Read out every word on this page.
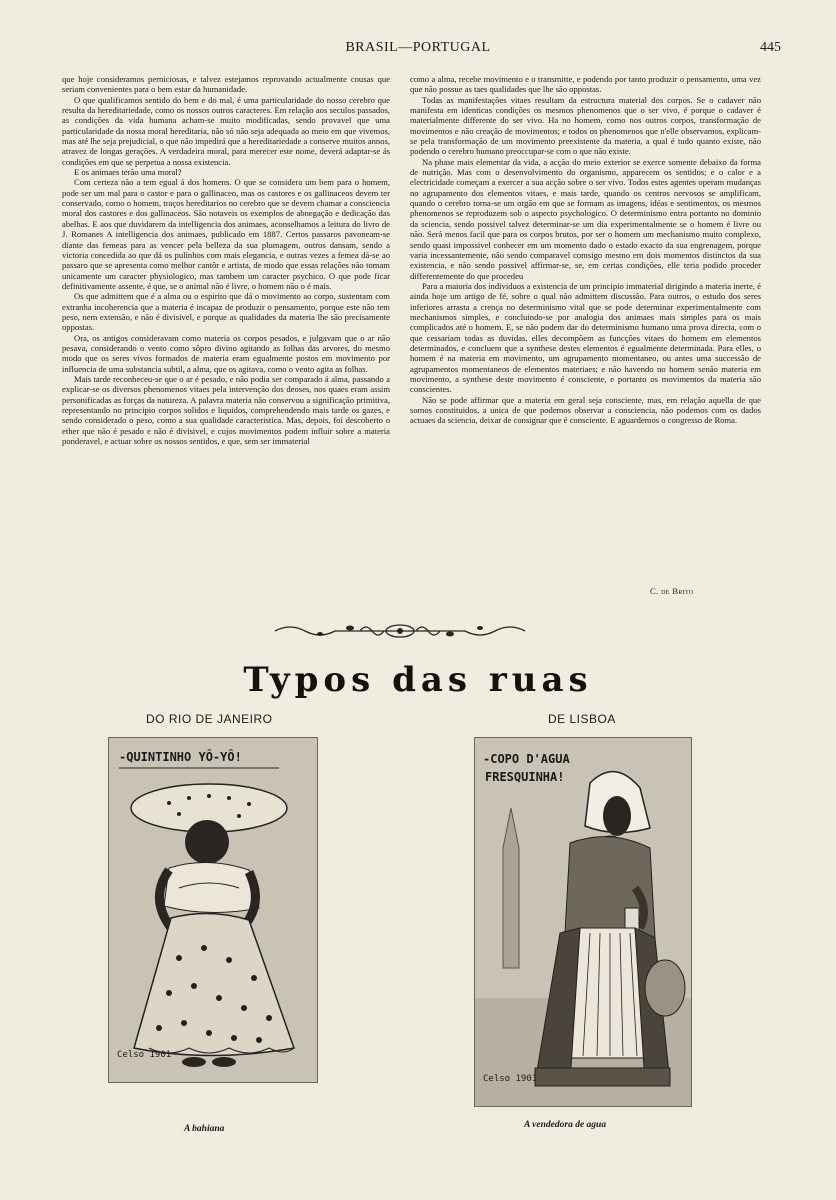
BRASIL—PORTUGAL	445

que hoje consideramos perniciosas, e talvez estejamos reprovando actualmente cousas que seriam convenientes para o bem estar da humanidade.

O que qualificamos sentido do bem e do mal, é uma particularidade do nosso cerebro que resulta da hereditariedade, como os nossos outros caracteres. Em relação aos seculos passados, as condições da vida humana acham-se muito modificadas, sendo provavel que uma particularidade da nossa moral hereditaria, não só não seja adequada ao meio em que vivemos, mas até lhe seja prejudicial, o que não impedirá que a hereditariedade a conserve muitos annos, atravez de longas gerações. A verdadeira moral, para merecer este nome, deverá adaptar-se ás condições em que se perpetua a nossa existencia.

E os animaes terão uma moral?

Com certeza não a tem egual á dos homens. O que se considera um bem para o homem, pode ser um mal para o castor e para o gallinaceo, mas os castores e os gallinaceos devem ter conservado, como o homem, traços hereditarios no cerebro que se devem chamar a consciencia moral dos castores e dos gallinaceos. São notaveis os exemplos de abnegação e dedicação das abelhas. E aos que duvidarem da intelligencia dos animaes, aconselhamos a leitura do livro de J. Romanes A intelligencia dos animaes, publicado em 1887. Certos passaros pavoneam-se diante das femeas para as vencer pela belleza da sua plumagem, outros dansam, sendo a victoria concedida ao que dá os pulinhos com mais elegancia, e outras vezes a femea dá-se ao passaro que se apresenta como melhor cantôr e artista, de modo que essas relações não tomam unicamente um caracter physiologico, mas tambem um caracter psychico. O que pode ficar definitivamente assente, é que, se o animal não é livre, o homem não o é mais.

Os que admittem que é a alma ou o espirito que dá o movimento ao corpo, sustentam com extranha incoherencia que a materia é incapaz de produzir o pensamento, porque este não tem peso, nem extensão, e não é divisivel, e porque as qualidades da materia lhe são precisamente oppostas.

Ora, os antigos consideravam como materia os corpos pesados, e julgavam que o ar não pesava, considerando o vento como sôpro divino agitando as folhas das arvores, do mesmo modo que os seres vivos formados de materia eram egualmente postos em movimento por influencia de uma substancia subtil, a alma, que os agitava, como o vento agita as folhas.

Mais tarde reconheceu-se que o ar é pesado, e não podia ser comparado á alma, passando a explicar-se os diversos phenomenos vitaes pela intervenção dos deoses, nos quaes eram assim personificadas as forças da natureza. A palavra materia não conservou a significação primitiva, representando no principio corpos solidos e liquidos, comprehendendo mais tarde os gazes, e sendo considerado o peso, como a sua qualidade caracteristica. Mas, depois, foi descoberto o ether que não é pesado e não é divisivel, e cujos movimentos podem influir sobre a materia ponderavel, e actuar sobre os nossos sentidos, e que, sem ser immaterial

como a alma, recebe movimento e o transmitte, e podendo por tanto produzir o pensamento, uma vez que não possue as taes qualidades que lhe são oppostas.

Todas as manifestações vitaes resultam da estructura material dos corpos. Se o cadaver não manifesta em identicas condições os mesmos phenomenos que o ser vivo, é porque o cadaver é materialmente differente do ser vivo. Ha no homem, como nos outros corpos, transformação de movimentos e não creação de movimentos; e todos os phenomenos que n'elle observamos, explicam-se pela transformação de um movimento preexistente da materia, a qual é tudo quanto existe, não podendo o cerebro humano preoccupar-se com o que não existe.

Na phase mais elementar da vida, a acção do meio exterior se exerce somente debaixo da forma de nutrição. Mas com o desenvolvimento do organismo, apparecem os sentidos; e o calor e a electricidade começam a exercer a sua acção sobre o ser vivo. Todos estes agentes operam mudanças no agrupamento dos elementos vitaes, e mais tarde, quando os centros nervosos se amplificam, quando o cerebro torna-se um orgão em que se formam as imagens, idéas e sentimentos, os mesmos phenomenos se reproduzem sob o aspecto psychologico. O determinismo entra portanto no dominio da sciencia, sendo possivel talvez determinar-se um dia experimentalmente se o homem é livre ou não. Será menos facil que para os corpos brutos, por ser o homem um mechanismo muito complexo, sendo quasi impossivel conhecer em um momento dado o estado exacto da sua engrenagem, porque varia incessantemente, não sendo comparavel comsigo mesmo em dois momentos distinctos da sua existencia, e não sendo possivel affirmar-se, se, em certas condições, elle teria podido proceder differentemente do que procedeu

Para a maioria dos individuos a existencia de um principio immaterial dirigindo a materia inerte, é ainda hoje um artigo de fé, sobre o qual não admittem discussão. Para outros, o estudo dos seres inferiores arrasta a crença no determinismo vital que se pode determinar experimentalmente com mechanismos simples, e concluindo-se por analogia dos animaes mais simples para os mais complicados até o homem. E, se não podem dar do determinismo humano uma prova directa, com o que cessariam todas as duvidas, elles decompõem as funcções vitaes do homem em elementos determinados, e concluem que a synthese destes elementos é egualmente determinada. Para elles, o homem é na materia em movimento, um agrupamento momentaneo, ou antes uma successão de agrupamentos momentaneos de elementos materiaes; e não havendo no homem senão materia em movimento, a synthese deste movimento é consciente, e portanto os movimentos da materia são conscientes.

Não se pode affirmar que a materia em geral seja consciente, mas, em relação aquella de que somos constituidos, a unica de que podemos observar a consciencia, não podemos com os dados actuaes da sciencia, deixar de consignar que é consciente. E aguardemos o congresso de Roma.

C. de Brito
Typos das ruas
DO RIO DE JANEIRO	DE LISBOA
-QUINTINHO YÔ-YÔ!
Celso 1901
-COPO D'AGUA
FRESQUINHA!
Celso 1901
A bahiana	A vendedora de agua
